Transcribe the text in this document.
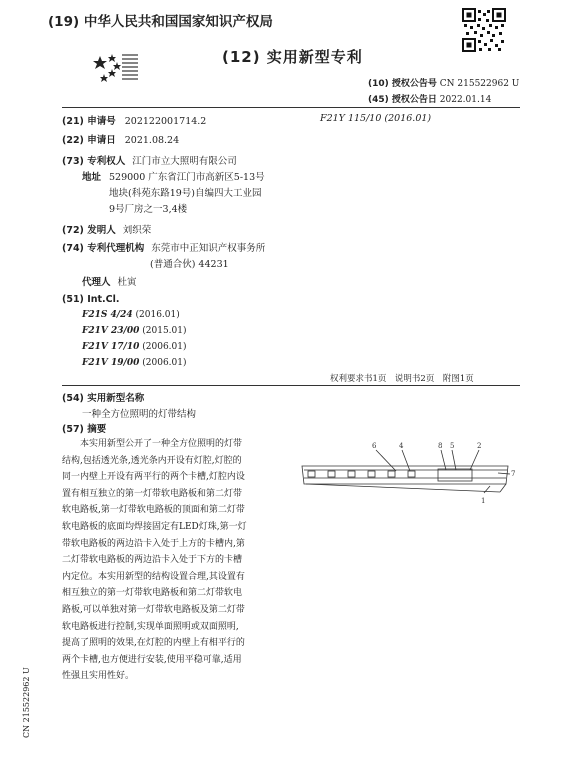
(19) 中华人民共和国国家知识产权局
(12) 实用新型专利
(10) 授权公告号 CN 215522962 U
(45) 授权公告日 2022.01.14
(21) 申请号 202122001714.2	F21Y 115/10 (2016.01)
(22) 申请日 2021.08.24
(73) 专利权人 江门市立大照明有限公司
地址 529000 广东省江门市高新区5-13号
地块(科苑东路19号)自编四大工业园
9号厂房之一3,4楼
(72) 发明人 刘织荣
(74) 专利代理机构 东莞市中正知识产权事务所
(普通合伙) 44231
代理人 杜寅
(51) Int.Cl.
F21S 4/24 (2016.01)
F21V 23/00 (2015.01)
F21V 17/10 (2006.01)
F21V 19/00 (2006.01)
权利要求书1页　说明书2页　附图1页
(54) 实用新型名称
一种全方位照明的灯带结构
(57) 摘要
本实用新型公开了一种全方位照明的灯带
结构,包括透光条,透光条内开设有灯腔,灯腔的
同一内壁上开设有两平行的两个卡槽,灯腔内设
置有相互独立的第一灯带软电路板和第二灯带
软电路板,第一灯带软电路板的顶面和第二灯带
软电路板的底面均焊接固定有LED灯珠,第一灯
带软电路板的两边沿卡入处于上方的卡槽内,第
二灯带软电路板的两边沿卡入处于下方的卡槽
内定位。本实用新型的结构设置合理,其设置有
相互独立的第一灯带软电路板和第二灯带软电
路板,可以单独对第一灯带软电路板及第二灯带
软电路板进行控制,实现单面照明或双面照明,
提高了照明的效果,在灯腔的内壁上有相平行的
两个卡槽,也方便进行安装,使用平稳可靠,适用
性强且实用性好。
6	4	8 5	2
7
1
CN 215522962 U
